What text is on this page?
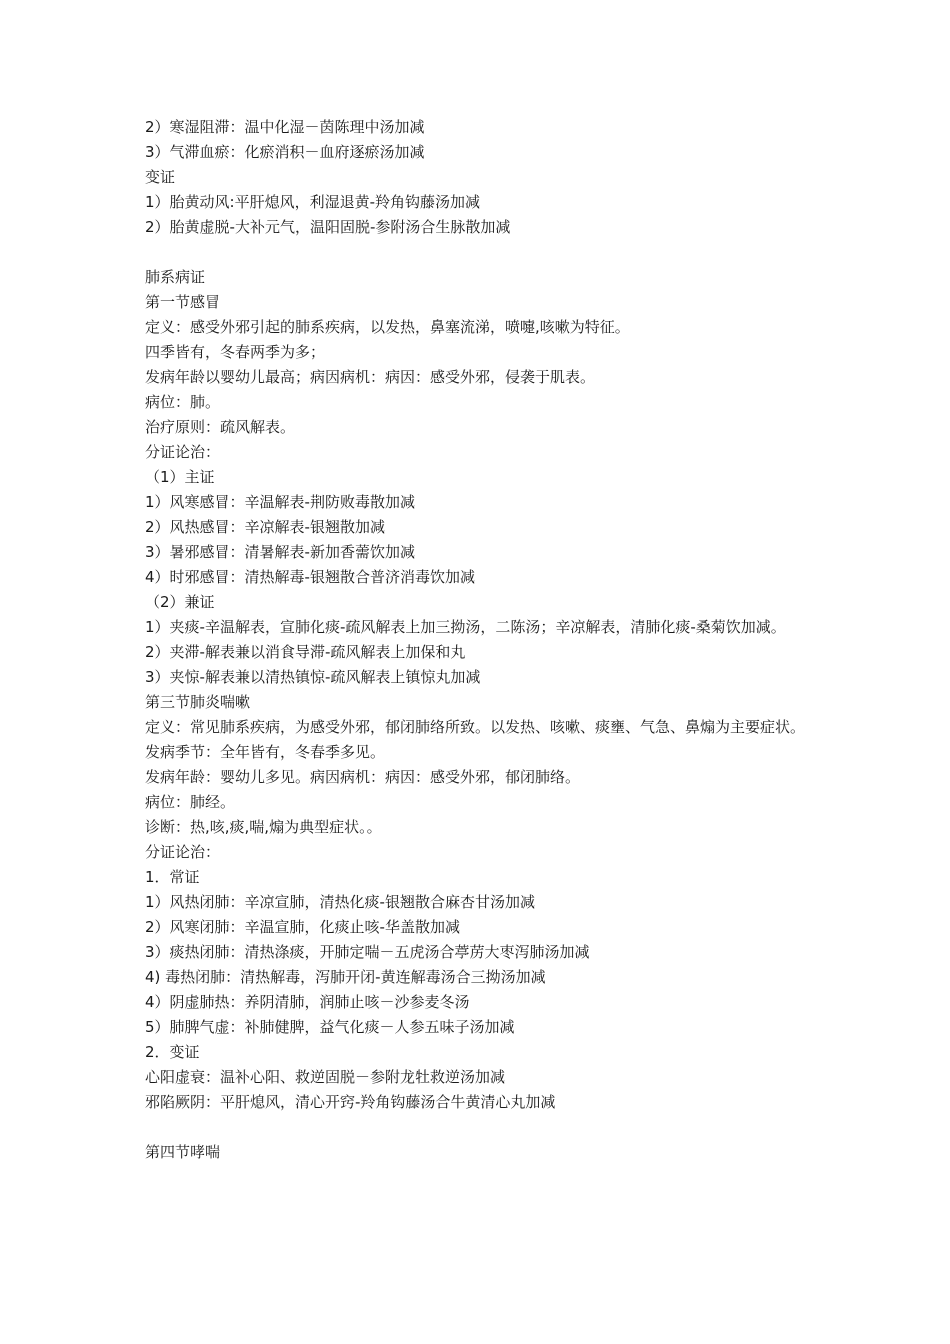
2）寒湿阻滞：温中化湿－茵陈理中汤加减
3）气滞血瘀：化瘀消积－血府逐瘀汤加减
变证
1）胎黄动风:平肝熄风，利湿退黄-羚角钩藤汤加减
2）胎黄虚脱-大补元气，温阳固脱-参附汤合生脉散加减
肺系病证
第一节感冒
定义：感受外邪引起的肺系疾病，以发热，鼻塞流涕，喷嚏,咳嗽为特征。
四季皆有，冬春两季为多；
发病年龄以婴幼儿最高；病因病机：病因：感受外邪，侵袭于肌表。
病位：肺。
治疗原则：疏风解表。
分证论治：
（1）主证
1）风寒感冒：辛温解表-荆防败毒散加减
2）风热感冒：辛凉解表-银翘散加减
3）暑邪感冒：清暑解表-新加香薷饮加减
4）时邪感冒：清热解毒-银翘散合普济消毒饮加减
（2）兼证
1）夹痰-辛温解表，宣肺化痰-疏风解表上加三拗汤，二陈汤；辛凉解表，清肺化痰-桑菊饮加减。
2）夹滞-解表兼以消食导滞-疏风解表上加保和丸
3）夹惊-解表兼以清热镇惊-疏风解表上镇惊丸加减
第三节肺炎喘嗽
定义：常见肺系疾病，为感受外邪，郁闭肺络所致。以发热、咳嗽、痰壅、气急、鼻煽为主要症状。
发病季节：全年皆有，冬春季多见。
发病年龄：婴幼儿多见。病因病机：病因：感受外邪，郁闭肺络。
病位：肺经。
诊断：热,咳,痰,喘,煽为典型症状。。
分证论治：
1．常证
1）风热闭肺：辛凉宣肺，清热化痰-银翘散合麻杏甘汤加减
2）风寒闭肺：辛温宣肺，化痰止咳-华盖散加减
3）痰热闭肺：清热涤痰，开肺定喘－五虎汤合葶苈大枣泻肺汤加减
4) 毒热闭肺：清热解毒，泻肺开闭-黄连解毒汤合三拗汤加减
4）阴虚肺热：养阴清肺，润肺止咳－沙参麦冬汤
5）肺脾气虚：补肺健脾，益气化痰－人参五味子汤加减
2．变证
心阳虚衰：温补心阳、救逆固脱－参附龙牡救逆汤加减
邪陷厥阴：平肝熄风，清心开窍-羚角钩藤汤合牛黄清心丸加减
第四节哮喘
